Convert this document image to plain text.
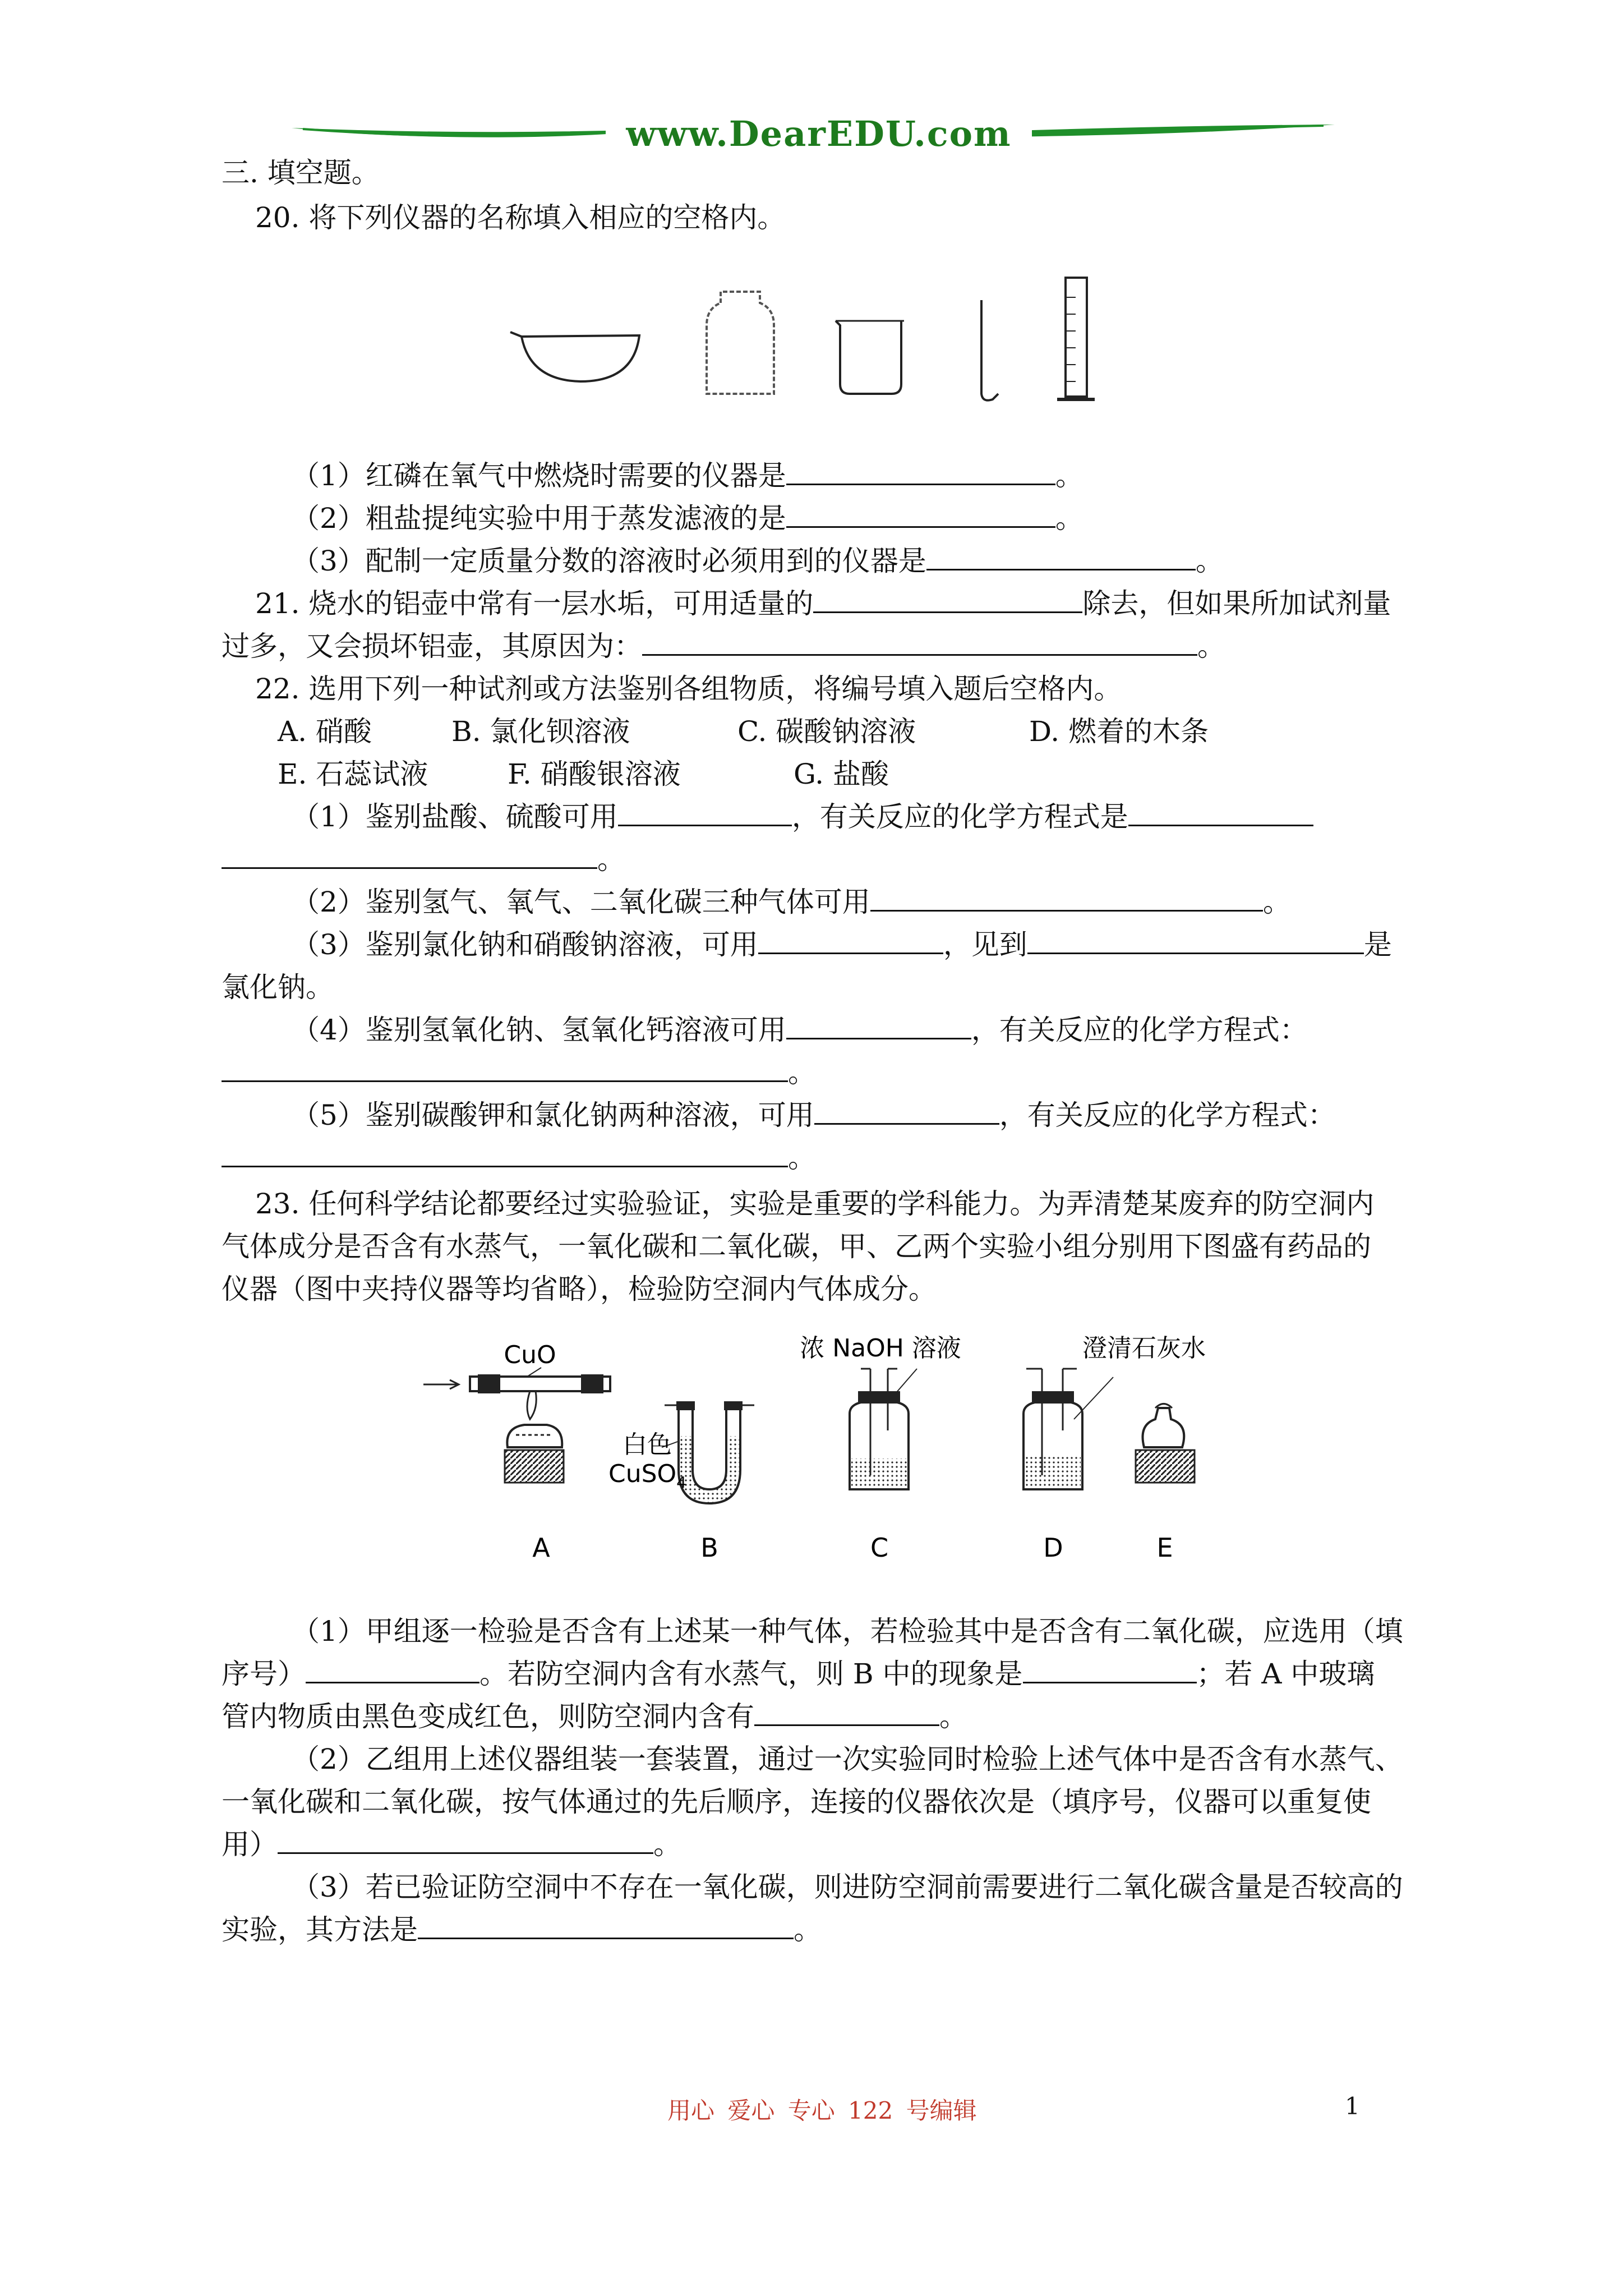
www.DearEDU.com
三. 填空题。
20. 将下列仪器的名称填入相应的空格内。
（1）红磷在氧气中燃烧时需要的仪器是	。
（2）粗盐提纯实验中用于蒸发滤液的是	。
（3）配制一定质量分数的溶液时必须用到的仪器是	。
21. 烧水的铝壶中常有一层水垢，可用适量的	除去，但如果所加试剂量
过多，又会损坏铝壶，其原因为：	。
22. 选用下列一种试剂或方法鉴别各组物质，将编号填入题后空格内。
A. 硝酸	B. 氯化钡溶液	C. 碳酸钠溶液	D. 燃着的木条
E. 石蕊试液	F. 硝酸银溶液	G. 盐酸
（1）鉴别盐酸、硫酸可用	，有关反应的化学方程式是
。
（2）鉴别氢气、氧气、二氧化碳三种气体可用	。
（3）鉴别氯化钠和硝酸钠溶液，可用	，见到	是
氯化钠。
（4）鉴别氢氧化钠、氢氧化钙溶液可用	，有关反应的化学方程式：
。
（5）鉴别碳酸钾和氯化钠两种溶液，可用	，有关反应的化学方程式：
。
23. 任何科学结论都要经过实验验证，实验是重要的学科能力。为弄清楚某废弃的防空洞内
气体成分是否含有水蒸气，一氧化碳和二氧化碳，甲、乙两个实验小组分别用下图盛有药品的
仪器（图中夹持仪器等均省略），检验防空洞内气体成分。
CuO	浓 NaOH 溶液	澄清石灰水
白色
CuSO$_4$
A	B	C	D	E
（1）甲组逐一检验是否含有上述某一种气体，若检验其中是否含有二氧化碳，应选用（填
序号）	。若防空洞内含有水蒸气，则 B 中的现象是	；若 A 中玻璃
管内物质由黑色变成红色，则防空洞内含有	。
（2）乙组用上述仪器组装一套装置，通过一次实验同时检验上述气体中是否含有水蒸气、
一氧化碳和二氧化碳，按气体通过的先后顺序，连接的仪器依次是（填序号，仪器可以重复使
用）	。
（3）若已验证防空洞中不存在一氧化碳，则进防空洞前需要进行二氧化碳含量是否较高的
实验，其方法是	。
用心 爱心 专心 122 号编辑	1
